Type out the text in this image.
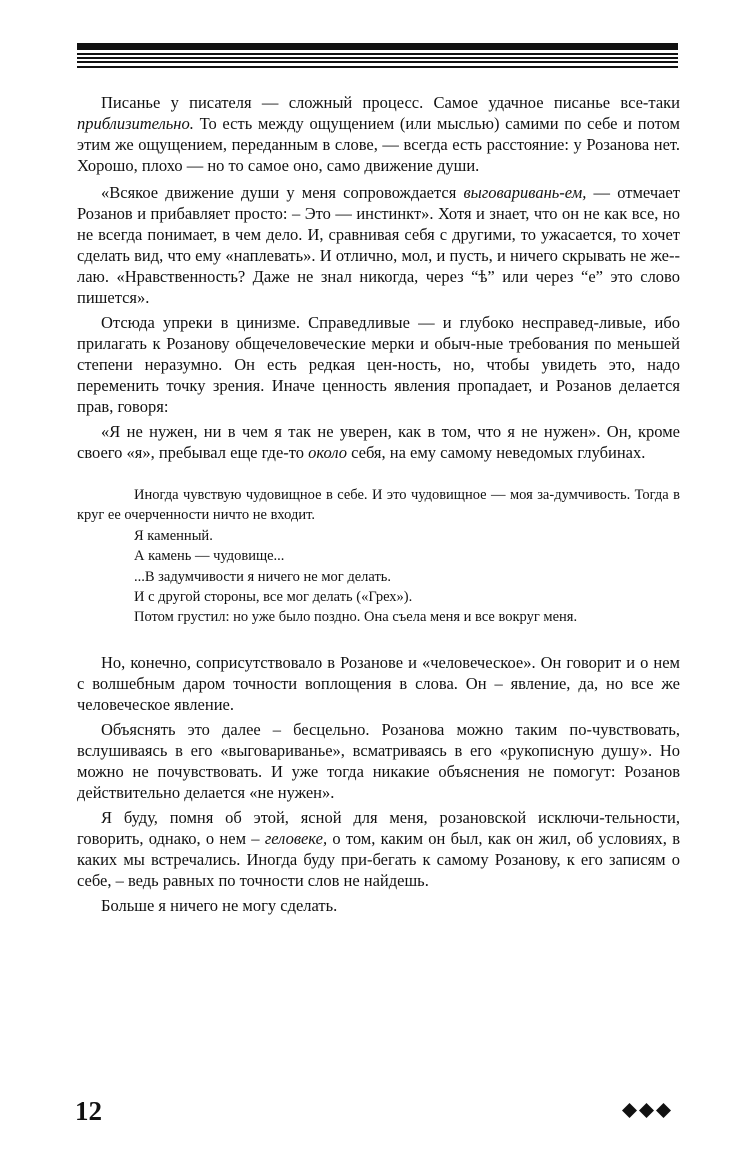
Писанье у писателя — сложный процесс. Самое удачное писанье все-таки приблизительно. То есть между ощущением (или мыслью) самими по себе и потом этим же ощущением, переданным в слове, — всегда есть расстояние: у Розанова нет. Хорошо, плохо — но то самое оно, само движение души.

«Всякое движение души у меня сопровождается выговаривань-ем, — отмечает Розанов и прибавляет просто: – Это — инстинкт». Хотя и знает, что он не как все, но не всегда понимает, в чем дело. И, сравнивая себя с другими, то ужасается, то хочет сделать вид, что ему «наплевать». И отлично, мол, и пусть, и ничего скрывать не же-лаю. «Нравственность? Даже не знал никогда, через “ѣ” или через “е” это слово пишется».

Отсюда упреки в цинизме. Справедливые — и глубоко несправед-ливые, ибо прилагать к Розанову общечеловеческие мерки и обыч-ные требования по меньшей степени неразумно. Он есть редкая цен-ность, но, чтобы увидеть это, надо переменить точку зрения. Иначе ценность явления пропадает, и Розанов делается прав, говоря:

«Я не нужен, ни в чем я так не уверен, как в том, что я не нужен». Он, кроме своего «я», пребывал еще где-то около себя, на ему самому неведомых глубинах.

Иногда чувствую чудовищное в себе. И это чудовищное — моя за-думчивость. Тогда в круг ее очерченности ничто не входит.

Я каменный.

А камень — чудовище...

...В задумчивости я ничего не мог делать.

И с другой стороны, все мог делать («Грех»).

Потом грустил: но уже было поздно. Она съела меня и все вокруг меня.

Но, конечно, соприсутствовало в Розанове и «человеческое». Он говорит и о нем с волшебным даром точности воплощения в слова. Он – явление, да, но все же человеческое явление.

Объяснять это далее – бесцельно. Розанова можно таким по-чувствовать, вслушиваясь в его «выговариванье», всматриваясь в его «рукописную душу». Но можно не почувствовать. И уже тогда никакие объяснения не помогут: Розанов действительно делается «не нужен».

Я буду, помня об этой, ясной для меня, розановской исключи-тельности, говорить, однако, о нем – геловеке, о том, каким он был, как он жил, об условиях, в каких мы встречались. Иногда буду при-бегать к самому Розанову, к его записям о себе, – ведь равных по точности слов не найдешь.

Больше я ничего не могу сделать.

12
